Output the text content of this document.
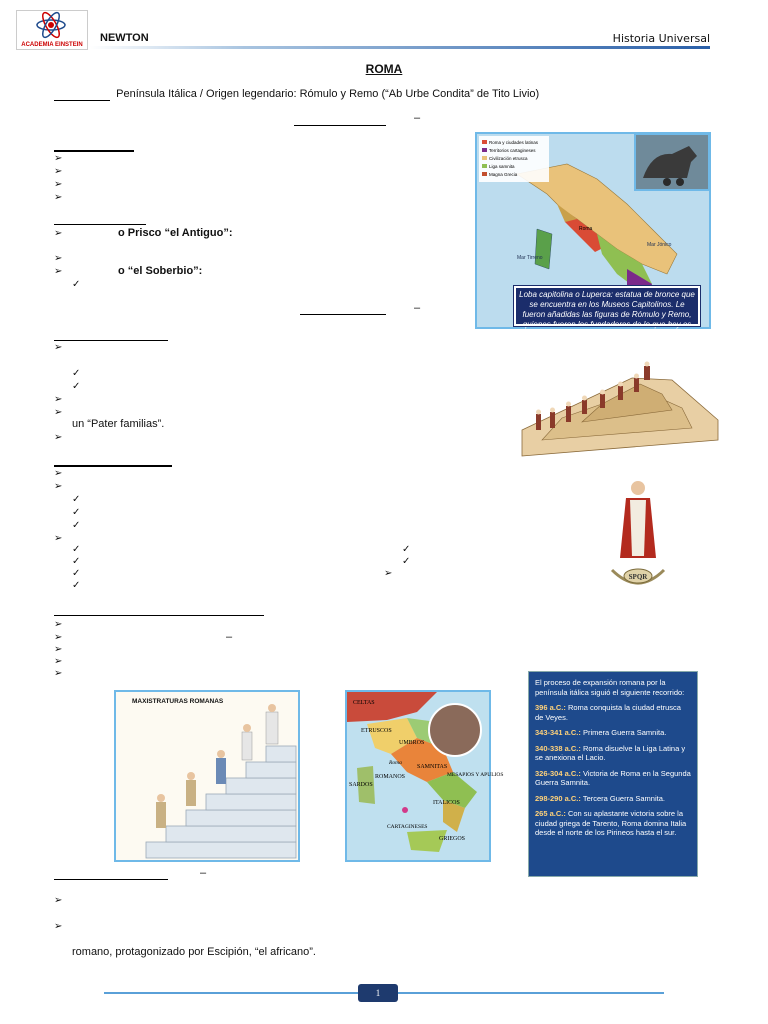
ACADEMIA EINSTEIN
NEWTON	Historia Universal
ROMA
Península Itálica / Origen legendario: Rómulo y Remo (“Ab Urbe Condita” de Tito Livio)
–
➢
➢
➢
➢
➢	o Prisco “el Antiguo”:
➢
➢	o “el Soberbio”:
✓
–
➢
✓
✓
➢
➢
un “Pater familias”.
➢
➢
➢
✓
✓
✓
➢
✓	✓
✓	✓
✓	➢
✓
➢
➢	–
➢
➢
➢
–
➢
➢
romano, protagonizado por Escipión, “el africano”.
Roma y ciudades latinas
Territorios cartagineses
Civilización etrusca
Liga samnita
Magna Grecia
Mar Tirreno
Mar Jónico
Roma
Loba capitolina o Luperca: estatua de bronce que se encuentra en los Museos Capitolinos. Le fueron añadidas las figuras de Rómulo y Remo, quienes fueron los fundadores de lo que hoy es Roma.
SPQR
MAXISTRATURAS ROMANAS	CELTAS
ETRUSCOS
UMBROS
Roma
ROMANOS
SAMNITAS
MESAPIOS Y APULIOS
SARDOS
ITALICOS
CARTAGINESES
GRIEGOS

El proceso de expansión romana por la península itálica siguió el siguiente recorrido:

396 a.C.: Roma conquista la ciudad etrusca de Veyes.

343-341 a.C.: Primera Guerra Samnita.

340-338 a.C.: Roma disuelve la Liga Latina y se anexiona el Lacio.

326-304 a.C.: Victoria de Roma en la Segunda Guerra Samnita.

298-290 a.C.: Tercera Guerra Samnita.

265 a.C.: Con su aplastante victoria sobre la ciudad griega de Tarento, Roma domina Italia desde el norte de los Pirineos hasta el sur.

1
